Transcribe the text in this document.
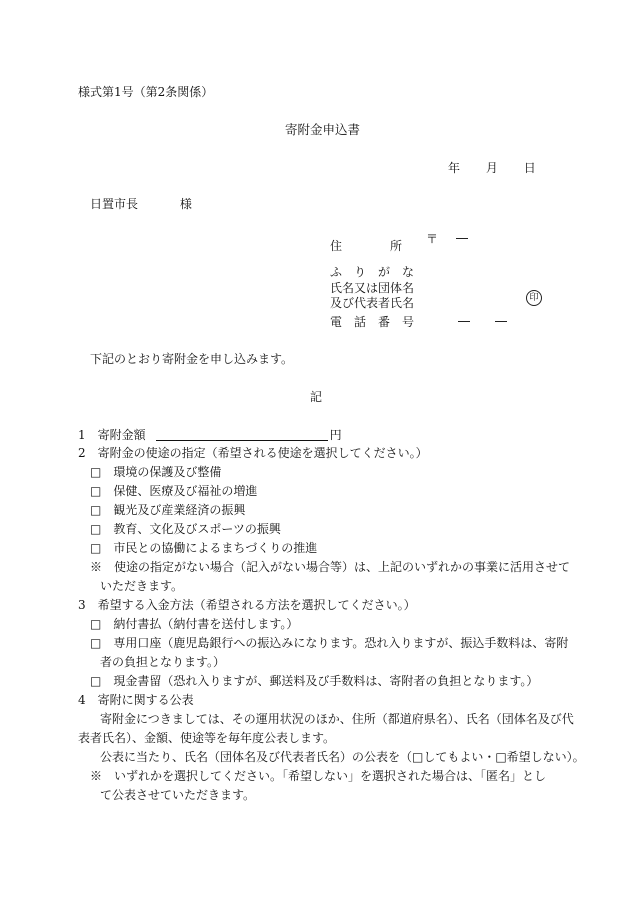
様式第1号（第2条関係）
寄附金申込書
年 月 日
日置市長	様
住　　　　所 〒
ふ　り　が　な
氏名又は団体名
及び代表者氏名	印
電　話　番　号
下記のとおり寄附金を申し込みます。
記
1　寄附金額	円
2　寄附金の使途の指定（希望される使途を選択してください。）
□　環境の保護及び整備
□　保健、医療及び福祉の増進
□　観光及び産業経済の振興
□　教育、文化及びスポーツの振興
□　市民との協働によるまちづくりの推進
※　使途の指定がない場合（記入がない場合等）は、上記のいずれかの事業に活用させて
いただきます。
3　希望する入金方法（希望される方法を選択してください。）
□　納付書払（納付書を送付します。）
□　専用口座（鹿児島銀行への振込みになります。恐れ入りますが、振込手数料は、寄附
者の負担となります。）
□　現金書留（恐れ入りますが、郵送料及び手数料は、寄附者の負担となります。）
4　寄附に関する公表
寄附金につきましては、その運用状況のほか、住所（都道府県名）、氏名（団体名及び代
表者氏名）、金額、使途等を毎年度公表します。
公表に当たり、氏名（団体名及び代表者氏名）の公表を（□してもよい・□希望しない）。
※　いずれかを選択してください。「希望しない」を選択された場合は、「匿名」とし
て公表させていただきます。
